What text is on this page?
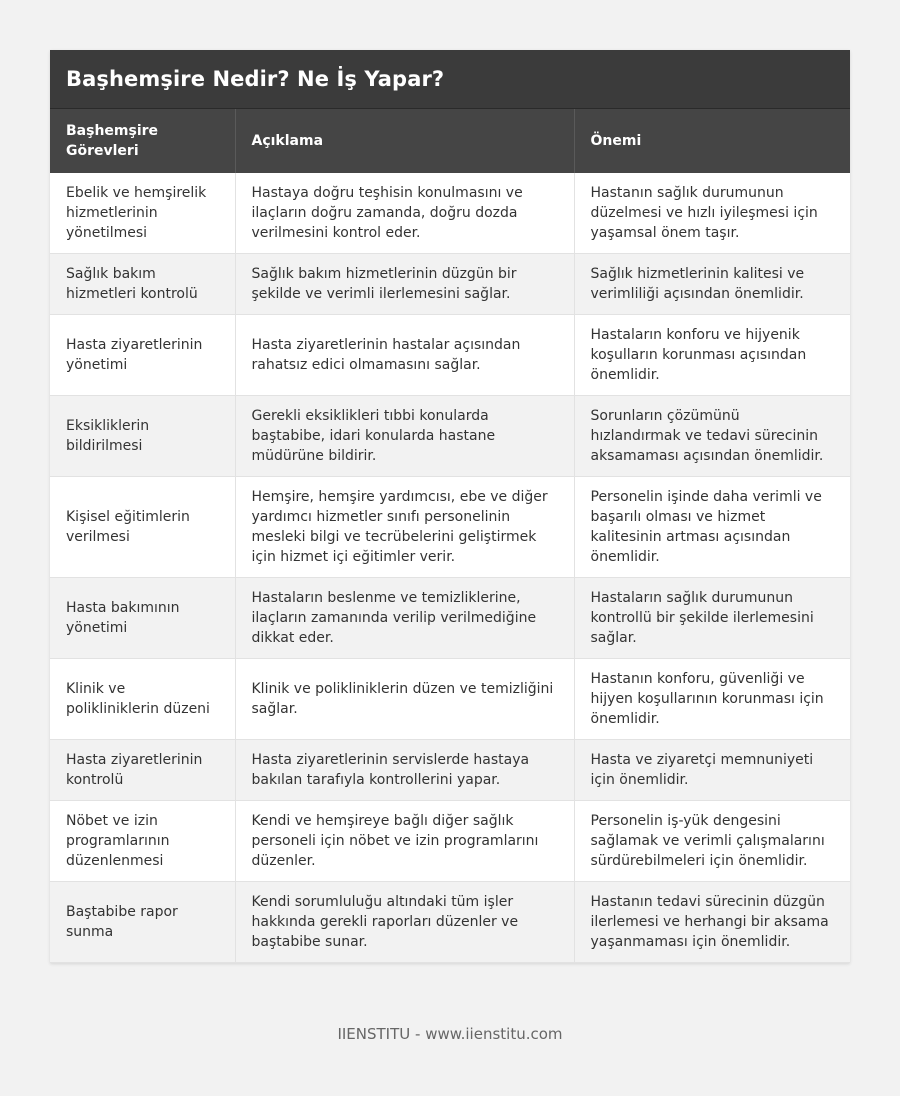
Başhemşire Nedir? Ne İş Yapar?
Başhemşire Görevleri	Açıklama	Önemi
Ebelik ve hemşirelik hizmetlerinin yönetilmesi	Hastaya doğru teşhisin konulmasını ve ilaçların doğru zamanda, doğru dozda verilmesini kontrol eder.	Hastanın sağlık durumunun düzelmesi ve hızlı iyileşmesi için yaşamsal önem taşır.
Sağlık bakım hizmetleri kontrolü	Sağlık bakım hizmetlerinin düzgün bir şekilde ve verimli ilerlemesini sağlar.	Sağlık hizmetlerinin kalitesi ve verimliliği açısından önemlidir.
Hasta ziyaretlerinin yönetimi	Hasta ziyaretlerinin hastalar açısından rahatsız edici olmamasını sağlar.	Hastaların konforu ve hijyenik koşulların korunması açısından önemlidir.
Eksikliklerin bildirilmesi	Gerekli eksiklikleri tıbbi konularda baştabibe, idari konularda hastane müdürüne bildirir.	Sorunların çözümünü hızlandırmak ve tedavi sürecinin aksamaması açısından önemlidir.
Kişisel eğitimlerin verilmesi	Hemşire, hemşire yardımcısı, ebe ve diğer yardımcı hizmetler sınıfı personelinin mesleki bilgi ve tecrübelerini geliştirmek için hizmet içi eğitimler verir.	Personelin işinde daha verimli ve başarılı olması ve hizmet kalitesinin artması açısından önemlidir.
Hasta bakımının yönetimi	Hastaların beslenme ve temizliklerine, ilaçların zamanında verilip verilmediğine dikkat eder.	Hastaların sağlık durumunun kontrollü bir şekilde ilerlemesini sağlar.
Klinik ve polikliniklerin düzeni	Klinik ve polikliniklerin düzen ve temizliğini sağlar.	Hastanın konforu, güvenliği ve hijyen koşullarının korunması için önemlidir.
Hasta ziyaretlerinin kontrolü	Hasta ziyaretlerinin servislerde hastaya bakılan tarafıyla kontrollerini yapar.	Hasta ve ziyaretçi memnuniyeti için önemlidir.
Nöbet ve izin programlarının düzenlenmesi	Kendi ve hemşireye bağlı diğer sağlık personeli için nöbet ve izin programlarını düzenler.	Personelin iş-yük dengesini sağlamak ve verimli çalışmalarını sürdürebilmeleri için önemlidir.
Baştabibe rapor sunma	Kendi sorumluluğu altındaki tüm işler hakkında gerekli raporları düzenler ve baştabibe sunar.	Hastanın tedavi sürecinin düzgün ilerlemesi ve herhangi bir aksama yaşanmaması için önemlidir.
IIENSTITU - www.iienstitu.com
